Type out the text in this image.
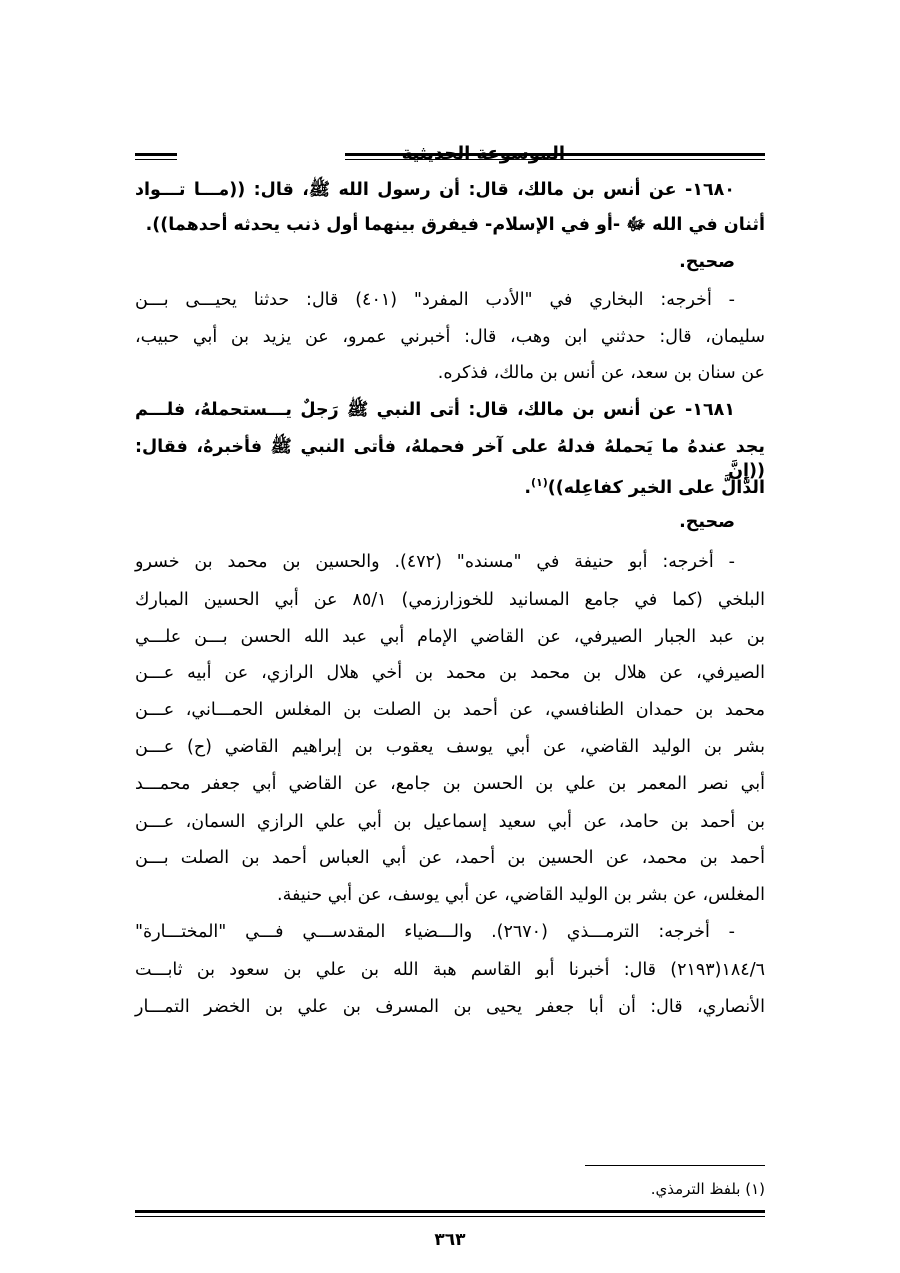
الموسوعة الحديثية
١٦٨٠- عن أنس بن مالك، قال: أن رسول الله ﷺ، قال: ((مـــا تـــواد
أثنان في الله ﷻ -أو في الإسلام- فيفرق بينهما أول ذنب يحدثه أحدهما)).
صحيح.
- أخرجه: البخاري في "الأدب المفرد" (٤٠١) قال: حدثنا يحيـــى بـــن
سليمان، قال: حدثني ابن وهب، قال: أخبرني عمرو، عن يزيد بن أبي حبيب،
عن سنان بن سعد، عن أنس بن مالك، فذكره.
١٦٨١- عن أنس بن مالك، قال: أتى النبي ﷺ رَجلٌ يـــستحملهُ، فلـــم
يجد عندهُ ما يَحملهُ فدلهُ على آخر فحملهُ، فأتى النبي ﷺ فأخبرهُ، فقال: ((إنَّ
الدَّالَّ على الخير كفاعِله))$^{(١)}$.
صحيح.
- أخرجه: أبو حنيفة في "مسنده" (٤٧٢). والحسين بن محمد بن خسرو
البلخي (كما في جامع المسانيد للخوزارزمي) ٨٥/١ عن أبي الحسين المبارك
بن عبد الجبار الصيرفي، عن القاضي الإمام أبي عبد الله الحسن بـــن علـــي
الصيرفي، عن هلال بن محمد بن محمد بن أخي هلال الرازي، عن أبيه عـــن
محمد بن حمدان الطنافسي، عن أحمد بن الصلت بن المغلس الحمـــاني، عـــن
بشر بن الوليد القاضي، عن أبي يوسف يعقوب بن إبراهيم القاضي (ح) عـــن
أبي نصر المعمر بن علي بن الحسن بن جامع، عن القاضي أبي جعفر محمـــد
بن أحمد بن حامد، عن أبي سعيد إسماعيل بن أبي علي الرازي السمان، عـــن
أحمد بن محمد، عن الحسين بن أحمد، عن أبي العباس أحمد بن الصلت بـــن
المغلس، عن بشر بن الوليد القاضي، عن أبي يوسف، عن أبي حنيفة.
- أخرجه: الترمـــذي (٢٦٧٠). والـــضياء المقدســـي فـــي "المختـــارة"
١٨٤/٦(٢١٩٣) قال: أخبرنا أبو القاسم هبة الله بن علي بن سعود بن ثابـــت
الأنصاري، قال: أن أبا جعفر يحيى بن المسرف بن علي بن الخضر التمـــار
(١) بلفظ الترمذي.
٣٦٣
